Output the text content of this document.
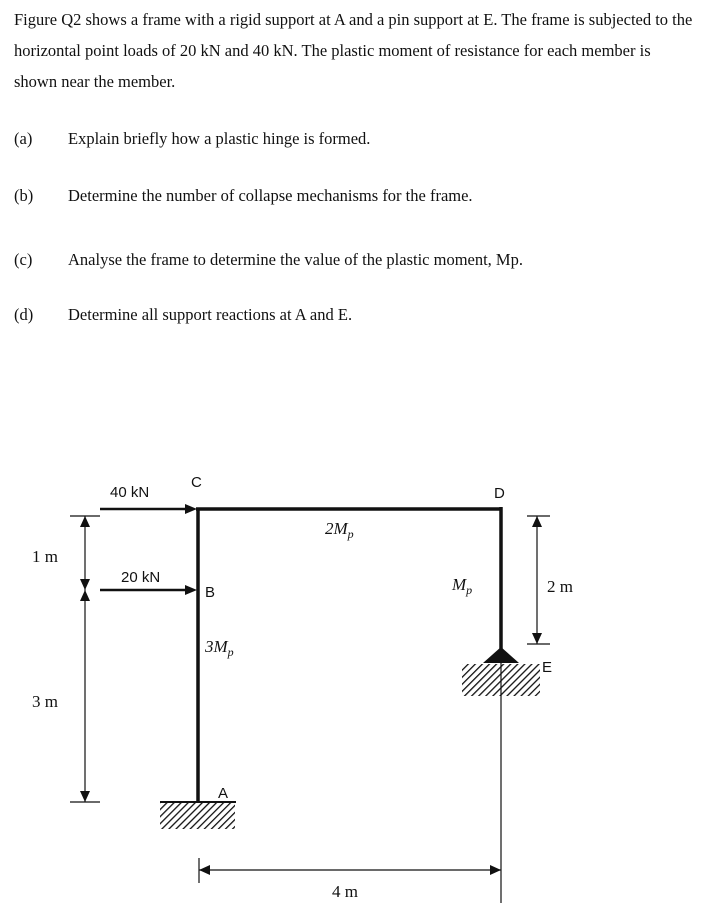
Figure Q2 shows a frame with a rigid support at A and a pin support at E. The frame is subjected to the horizontal point loads of 20 kN and 40 kN. The plastic moment of resistance for each member is shown near the member.

(a) Explain briefly how a plastic hinge is formed.
(b) Determine the number of collapse mechanisms for the frame.
(c) Analyse the frame to determine the value of the plastic moment, Mp.
(d) Determine all support reactions at A and E.
40 kN
20 kN
C
B
A
D
E
$3M_p$
$2M_p$
$M_p$
1 m
3 m
2 m
4 m
